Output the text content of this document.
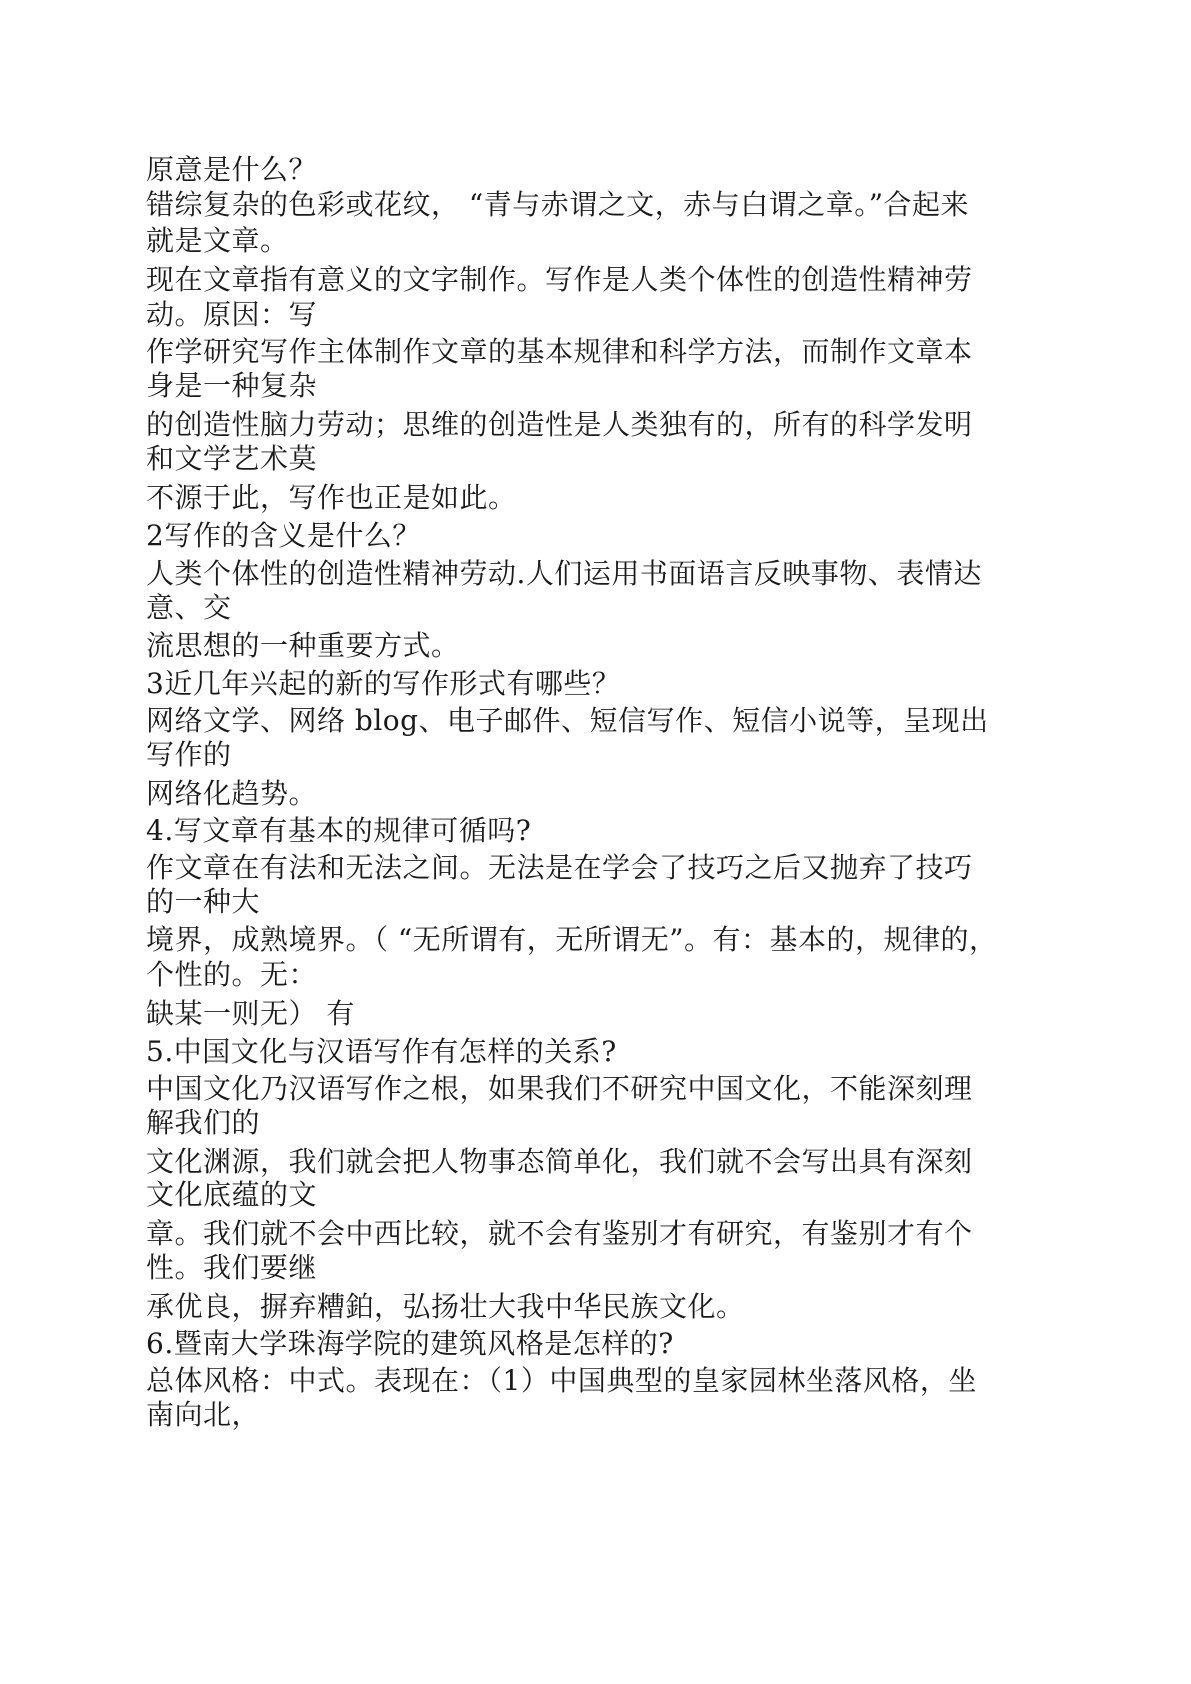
原意是什么？
错综复杂的色彩或花纹， “青与赤谓之文，赤与白谓之章。”合起来
就是文章。
现在文章指有意义的文字制作。写作是人类个体性的创造性精神劳
动。原因：写
作学研究写作主体制作文章的基本规律和科学方法，而制作文章本
身是一种复杂
的创造性脑力劳动；思维的创造性是人类独有的，所有的科学发明
和文学艺术莫
不源于此，写作也正是如此。
2写作的含义是什么？
人类个体性的创造性精神劳动.人们运用书面语言反映事物、表情达
意、交
流思想的一种重要方式。
3近几年兴起的新的写作形式有哪些？
网络文学、网络 blog、电子邮件、短信写作、短信小说等，呈现出
写作的
网络化趋势。
4.写文章有基本的规律可循吗?
作文章在有法和无法之间。无法是在学会了技巧之后又抛弃了技巧
的一种大
境界，成熟境界。（ “无所谓有，无所谓无”。有：基本的，规律的，
个性的。无：
缺某一则无） 有
5.中国文化与汉语写作有怎样的关系?
中国文化乃汉语写作之根，如果我们不研究中国文化，不能深刻理
解我们的
文化渊源，我们就会把人物事态简单化，我们就不会写出具有深刻
文化底蕴的文
章。我们就不会中西比较，就不会有鉴别才有研究，有鉴别才有个
性。我们要继
承优良，摒弃糟鉑，弘扬壮大我中华民族文化。
6.暨南大学珠海学院的建筑风格是怎样的?
总体风格：中式。表现在：（1）中国典型的皇家园林坐落风格，坐
南向北，
